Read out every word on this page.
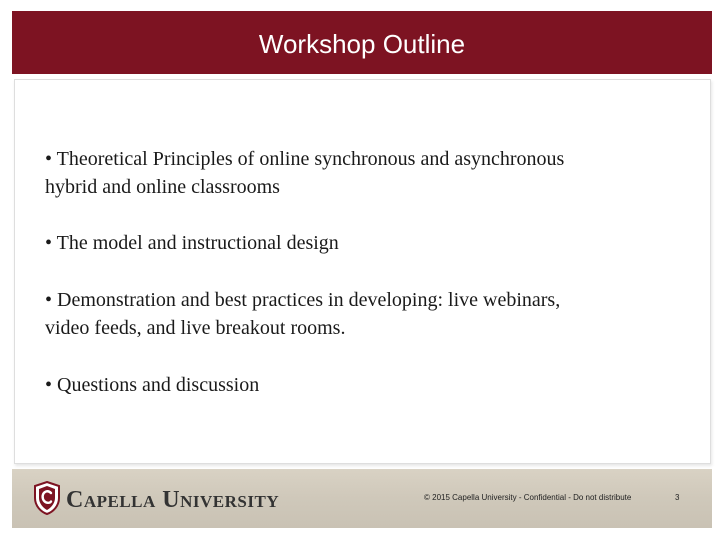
Workshop Outline

• Theoretical Principles of online synchronous and asynchronous hybrid and online classrooms

• The model and instructional design

• Demonstration and best practices in developing: live webinars, video feeds, and live breakout rooms.

• Questions and discussion

Capella University	© 2015 Capella University - Confidential - Do not distribute	3
